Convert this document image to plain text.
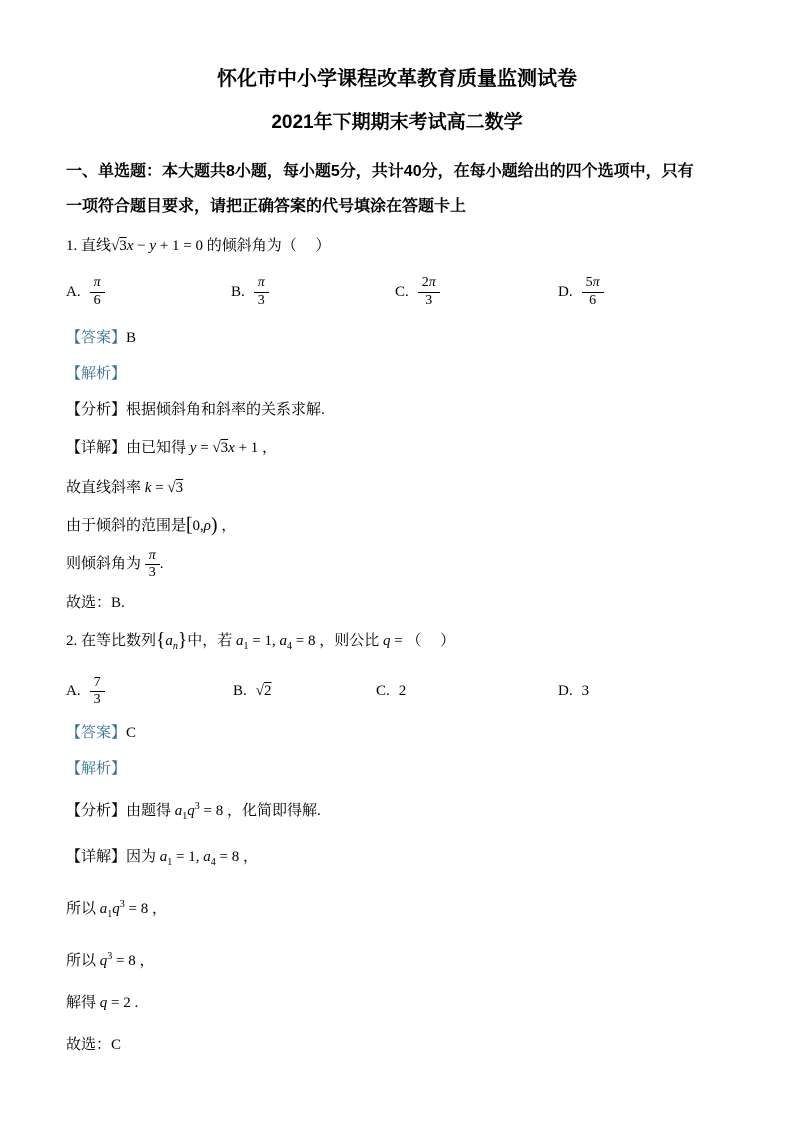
怀化市中小学课程改革教育质量监测试卷
2021年下期期末考试高二数学
一、单选题：本大题共8小题，每小题5分，共计40分，在每小题给出的四个选项中，只有
一项符合题目要求，请把正确答案的代号填涂在答题卡上

1. 直线√3x − y + 1 = 0 的倾斜角为（     ）

A. $\frac{\pi}{6}$	B. $\frac{\pi}{3}$	C. $\frac{2\pi}{3}$	D. $\frac{5\pi}{6}$

【答案】B

【解析】

【分析】根据倾斜角和斜率的关系求解.

【详解】由已知得 y = √3x + 1 ，

故直线斜率 k = √3

由于倾斜的范围是[0,ρ) ，

则倾斜角为 $\frac{\pi}{3}$ .

故选：B.

2. 在等比数列$\{a_n\}$中，若 $a_1 = 1$, $a_4 = 8$ ，则公比 q = （     ）

A. $\frac{7}{3}$	B. √2	C. 2	D. 3

【答案】C

【解析】

【分析】由题得 $a_1q^3 = 8$ ，化简即得解.

【详解】因为 $a_1 = 1$, $a_4 = 8$ ，

所以 $a_1q^3 = 8$ ，

所以 $q^3 = 8$ ，

解得 q = 2 .

故选：C
